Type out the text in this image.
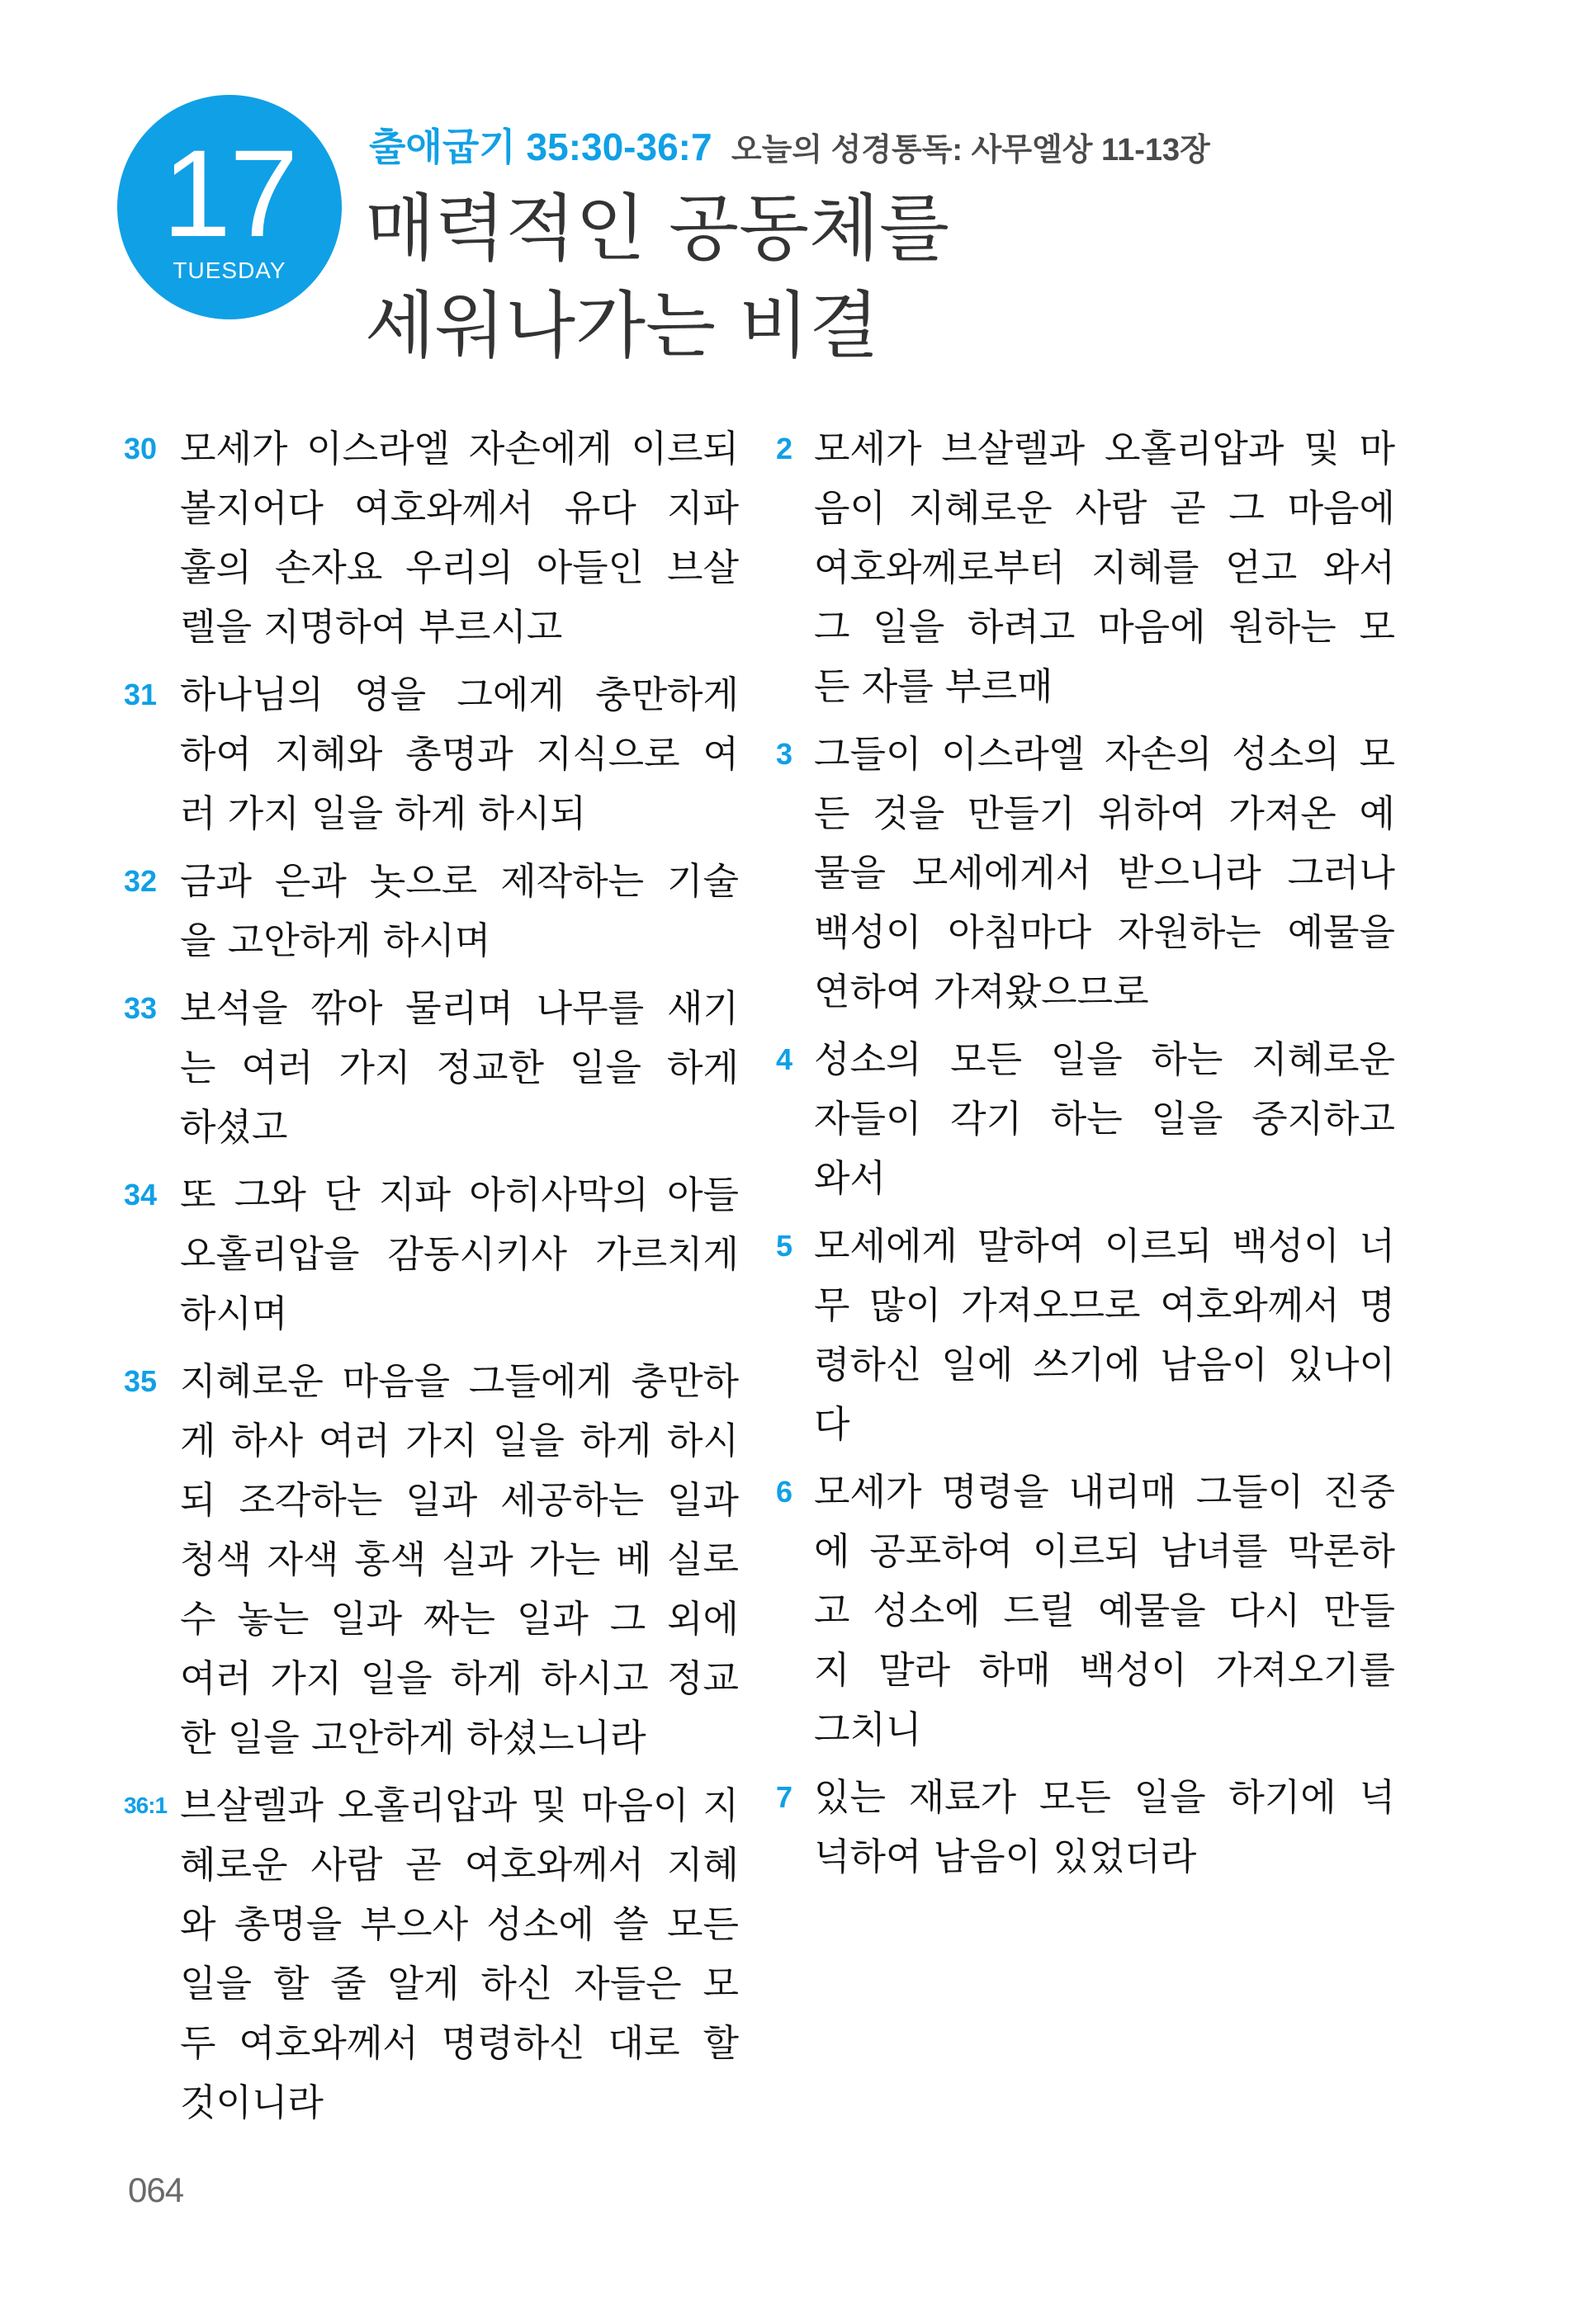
17
TUESDAY
출애굽기 35:30-36:7 오늘의 성경통독: 사무엘상 11-13장
매력적인 공동체를
세워나가는 비결
30 모세가 이스라엘 자손에게 이르되
볼지어다 여호와께서 유다 지파
훌의 손자요 우리의 아들인 브살
렐을 지명하여 부르시고
31 하나님의 영을 그에게 충만하게
하여 지혜와 총명과 지식으로 여
러 가지 일을 하게 하시되
32 금과 은과 놋으로 제작하는 기술
을 고안하게 하시며
33 보석을 깎아 물리며 나무를 새기
는 여러 가지 정교한 일을 하게
하셨고
34 또 그와 단 지파 아히사막의 아들
오홀리압을 감동시키사 가르치게
하시며
35 지혜로운 마음을 그들에게 충만하
게 하사 여러 가지 일을 하게 하시
되 조각하는 일과 세공하는 일과
청색 자색 홍색 실과 가는 베 실로
수 놓는 일과 짜는 일과 그 외에
여러 가지 일을 하게 하시고 정교
한 일을 고안하게 하셨느니라
36:1 브살렐과 오홀리압과 및 마음이 지
혜로운 사람 곧 여호와께서 지혜
와 총명을 부으사 성소에 쓸 모든
일을 할 줄 알게 하신 자들은 모
두 여호와께서 명령하신 대로 할
것이니라
2 모세가 브살렐과 오홀리압과 및 마
음이 지혜로운 사람 곧 그 마음에
여호와께로부터 지혜를 얻고 와서
그 일을 하려고 마음에 원하는 모
든 자를 부르매
3 그들이 이스라엘 자손의 성소의 모
든 것을 만들기 위하여 가져온 예
물을 모세에게서 받으니라 그러나
백성이 아침마다 자원하는 예물을
연하여 가져왔으므로
4 성소의 모든 일을 하는 지혜로운
자들이 각기 하는 일을 중지하고
와서
5 모세에게 말하여 이르되 백성이 너
무 많이 가져오므로 여호와께서 명
령하신 일에 쓰기에 남음이 있나이
다
6 모세가 명령을 내리매 그들이 진중
에 공포하여 이르되 남녀를 막론하
고 성소에 드릴 예물을 다시 만들
지 말라 하매 백성이 가져오기를
그치니
7 있는 재료가 모든 일을 하기에 넉
넉하여 남음이 있었더라
064
